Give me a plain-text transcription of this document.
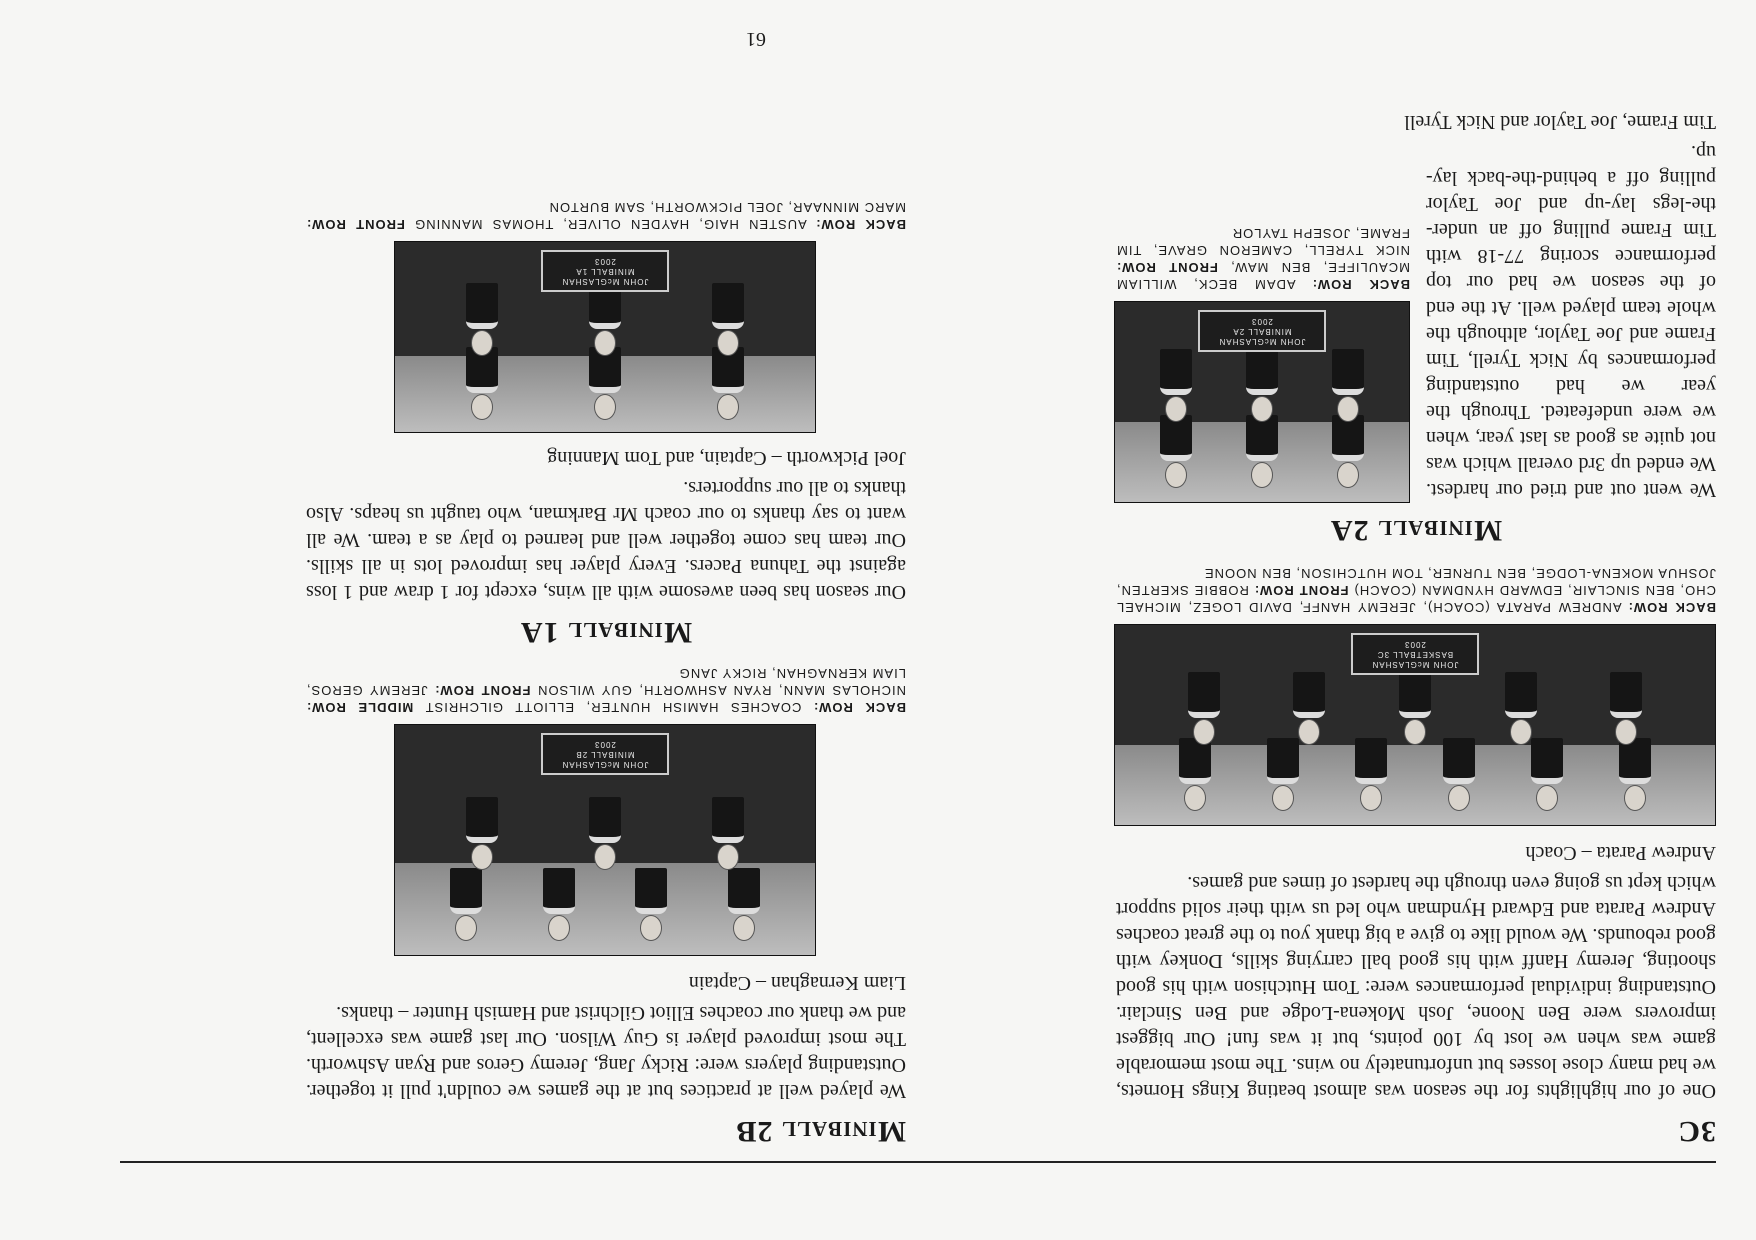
3C

One of our highlights for the season was almost beating Kings Hornets, we had many close losses but unfortunately no wins. The most memorable game was when we lost by 100 points, but it was fun! Our biggest improvers were Ben Noone, Josh Mokena-Lodge and Ben Sinclair. Outstanding individual performances were: Tom Hutchison with his good shooting, Jeremy Hanff with his good ball carrying skills, Donkey with good rebounds. We would like to give a big thank you to the great coaches Andrew Parata and Edward Hyndman who led us with their solid support which kept us going even through the hardest of times and games.

Andrew Parata – Coach

JOHN McGLASHAN
BASKETBALL 3C
2003
BACK ROW: ANDREW PARATA (COACH), JEREMY HANFF, DAVID LOGEZ, MICHAEL CHO, BEN SINCLAIR, EDWARD HYNDMAN (COACH) FRONT ROW: ROBBIE SKERTEN, JOSHUA MOKENA-LODGE, BEN TURNER, TOM HUTCHISON, BEN NOONE
Miniball 2A

We went out and tried our hardest. We ended up 3rd overall which was not quite as good as last year, when we were undefeated. Through the year we had outstanding performances by Nick Tyrell, Tim Frame and Joe Taylor, although the whole team played well. At the end of the season we had our top performance scoring 77-18 with Tim Frame pulling off an under-the-legs lay-up and Joe Taylor pulling off a behind-the-back lay-up.

JOHN McGLASHAN
MINIBALL 2A
2003
BACK ROW: ADAM BECK, WILLIAM MCAULIFFE, BEN MAW, FRONT ROW: NICK TYRELL, CAMERON GRAVE, TIM FRAME, JOSEPH TAYLOR

Tim Frame, Joe Taylor and Nick Tyrell

Miniball 2B

We played well at practices but at the games we couldn't pull it together. Outstanding players were: Ricky Jang, Jeremy Geros and Ryan Ashworth. The most improved player is Guy Wilson. Our last game was excellent, and we thank our coaches Elliot Gilchrist and Hamish Hunter – thanks.

Liam Kernaghan – Captain

JOHN McGLASHAN
MINIBALL 2B
2003
BACK ROW: COACHES HAMISH HUNTER, ELLIOTT GILCHRIST MIDDLE ROW: NICHOLAS MANN, RYAN ASHWORTH, GUY WILSON FRONT ROW: JEREMY GEROS, LIAM KERNAGHAN, RICKY JANG
Miniball 1A

Our season has been awesome with all wins, except for 1 draw and 1 loss against the Tahuna Pacers. Every player has improved lots in all skills. Our team has come together well and learned to play as a team. We all want to say thanks to our coach Mr Barkman, who taught us heaps. Also thanks to all our supporters.

Joel Pickworth – Captain, and Tom Manning

JOHN McGLASHAN
MINIBALL 1A
2003
BACK ROW: AUSTEN HAIG, HAYDEN OLIVER, THOMAS MANNING FRONT ROW: MARC MINNAAR, JOEL PICKWORTH, SAM BURTON
61
